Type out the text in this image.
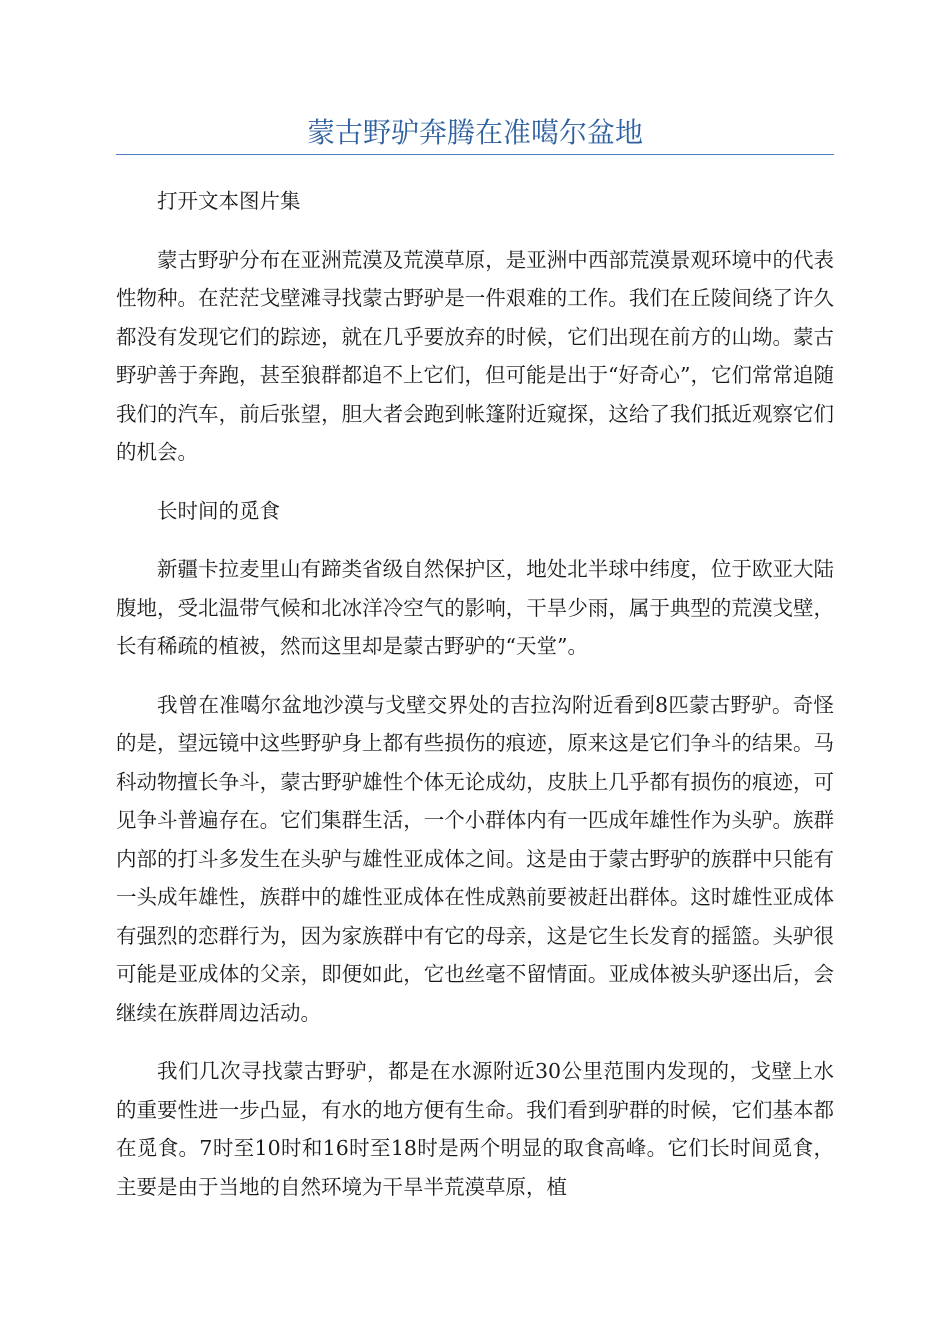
蒙古野驴奔腾在准噶尔盆地

打开文本图片集

蒙古野驴分布在亚洲荒漠及荒漠草原，是亚洲中西部荒漠景观环境中的代表性物种。在茫茫戈壁滩寻找蒙古野驴是一件艰难的工作。我们在丘陵间绕了许久都没有发现它们的踪迹，就在几乎要放弃的时候，它们出现在前方的山坳。蒙古野驴善于奔跑，甚至狼群都追不上它们，但可能是出于“好奇心”，它们常常追随我们的汽车，前后张望，胆大者会跑到帐篷附近窥探，这给了我们抵近观察它们的机会。

长时间的觅食

新疆卡拉麦里山有蹄类省级自然保护区，地处北半球中纬度，位于欧亚大陆腹地，受北温带气候和北冰洋冷空气的影响，干旱少雨，属于典型的荒漠戈壁，长有稀疏的植被，然而这里却是蒙古野驴的“天堂”。

我曾在准噶尔盆地沙漠与戈壁交界处的吉拉沟附近看到8匹蒙古野驴。奇怪的是，望远镜中这些野驴身上都有些损伤的痕迹，原来这是它们争斗的结果。马科动物擅长争斗，蒙古野驴雄性个体无论成幼，皮肤上几乎都有损伤的痕迹，可见争斗普遍存在。它们集群生活，一个小群体内有一匹成年雄性作为头驴。族群内部的打斗多发生在头驴与雄性亚成体之间。这是由于蒙古野驴的族群中只能有一头成年雄性，族群中的雄性亚成体在性成熟前要被赶出群体。这时雄性亚成体有强烈的恋群行为，因为家族群中有它的母亲，这是它生长发育的摇篮。头驴很可能是亚成体的父亲，即便如此，它也丝毫不留情面。亚成体被头驴逐出后，会继续在族群周边活动。

我们几次寻找蒙古野驴，都是在水源附近30公里范围内发现的，戈壁上水的重要性进一步凸显，有水的地方便有生命。我们看到驴群的时候，它们基本都在觅食。7时至10时和16时至18时是两个明显的取食高峰。它们长时间觅食，主要是由于当地的自然环境为干旱半荒漠草原，植
